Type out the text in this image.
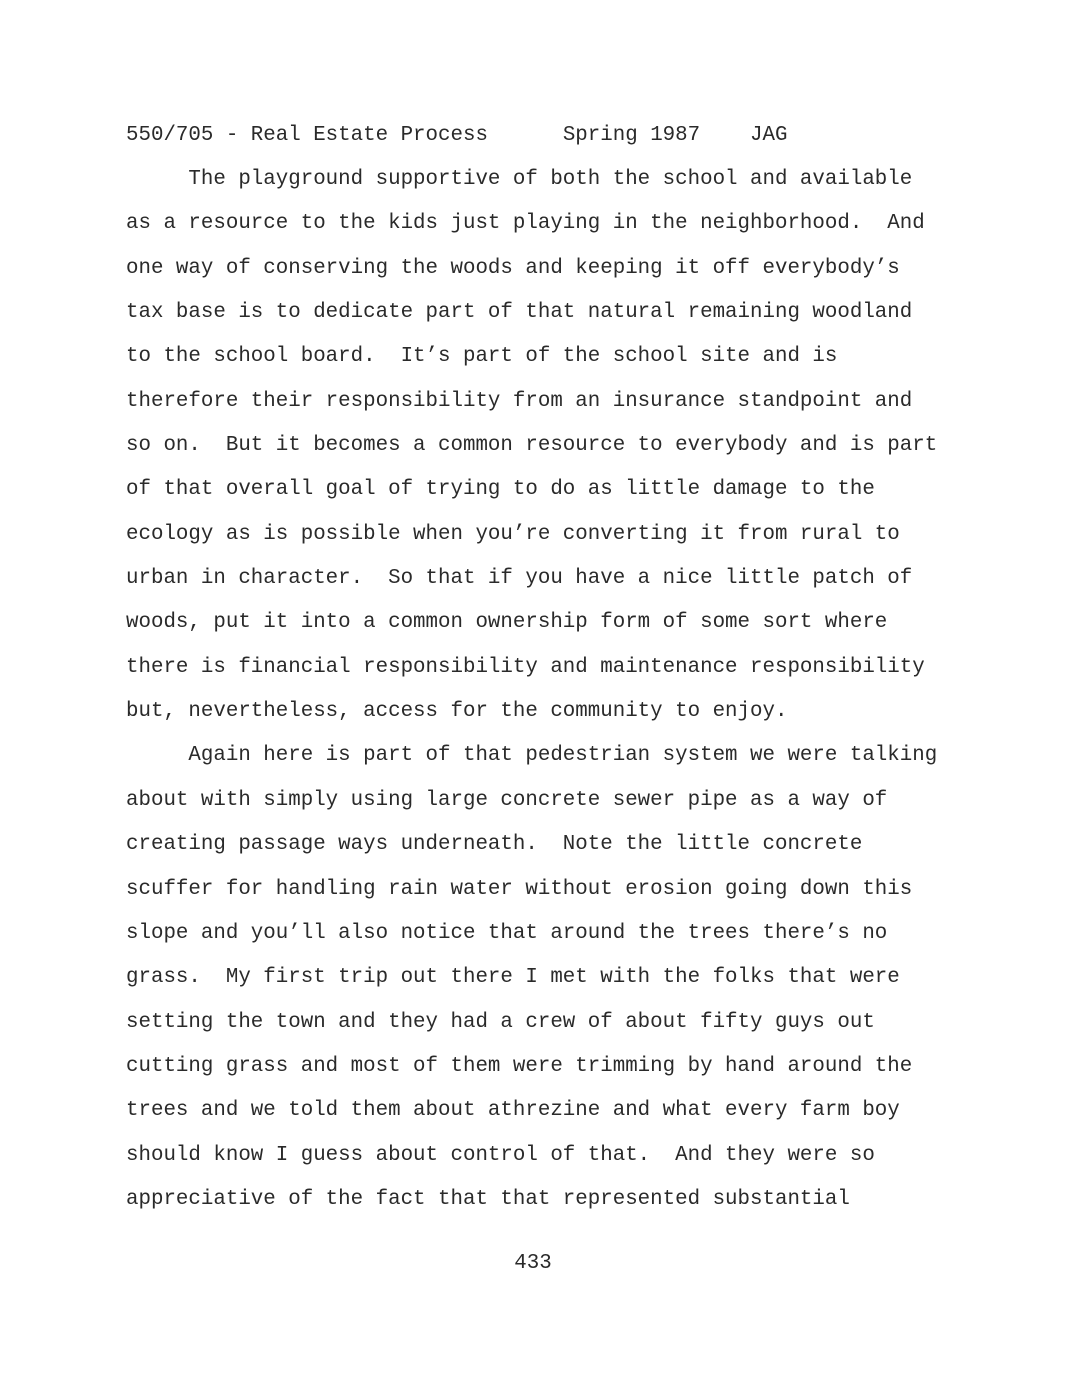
550/705 - Real Estate Process	Spring 1987 JAG

The playground supportive of both the school and available

as a resource to the kids just playing in the neighborhood.  And

one way of conserving the woods and keeping it off everybody’s

tax base is to dedicate part of that natural remaining woodland

to the school board.  It’s part of the school site and is

therefore their responsibility from an insurance standpoint and

so on.  But it becomes a common resource to everybody and is part

of that overall goal of trying to do as little damage to the

ecology as is possible when you’re converting it from rural to

urban in character.  So that if you have a nice little patch of

woods, put it into a common ownership form of some sort where

there is financial responsibility and maintenance responsibility

but, nevertheless, access for the community to enjoy.

Again here is part of that pedestrian system we were talking

about with simply using large concrete sewer pipe as a way of

creating passage ways underneath.  Note the little concrete

scuffer for handling rain water without erosion going down this

slope and you’ll also notice that around the trees there’s no

grass.  My first trip out there I met with the folks that were

setting the town and they had a crew of about fifty guys out

cutting grass and most of them were trimming by hand around the

trees and we told them about athrezine and what every farm boy

should know I guess about control of that.  And they were so

appreciative of the fact that that represented substantial

433
